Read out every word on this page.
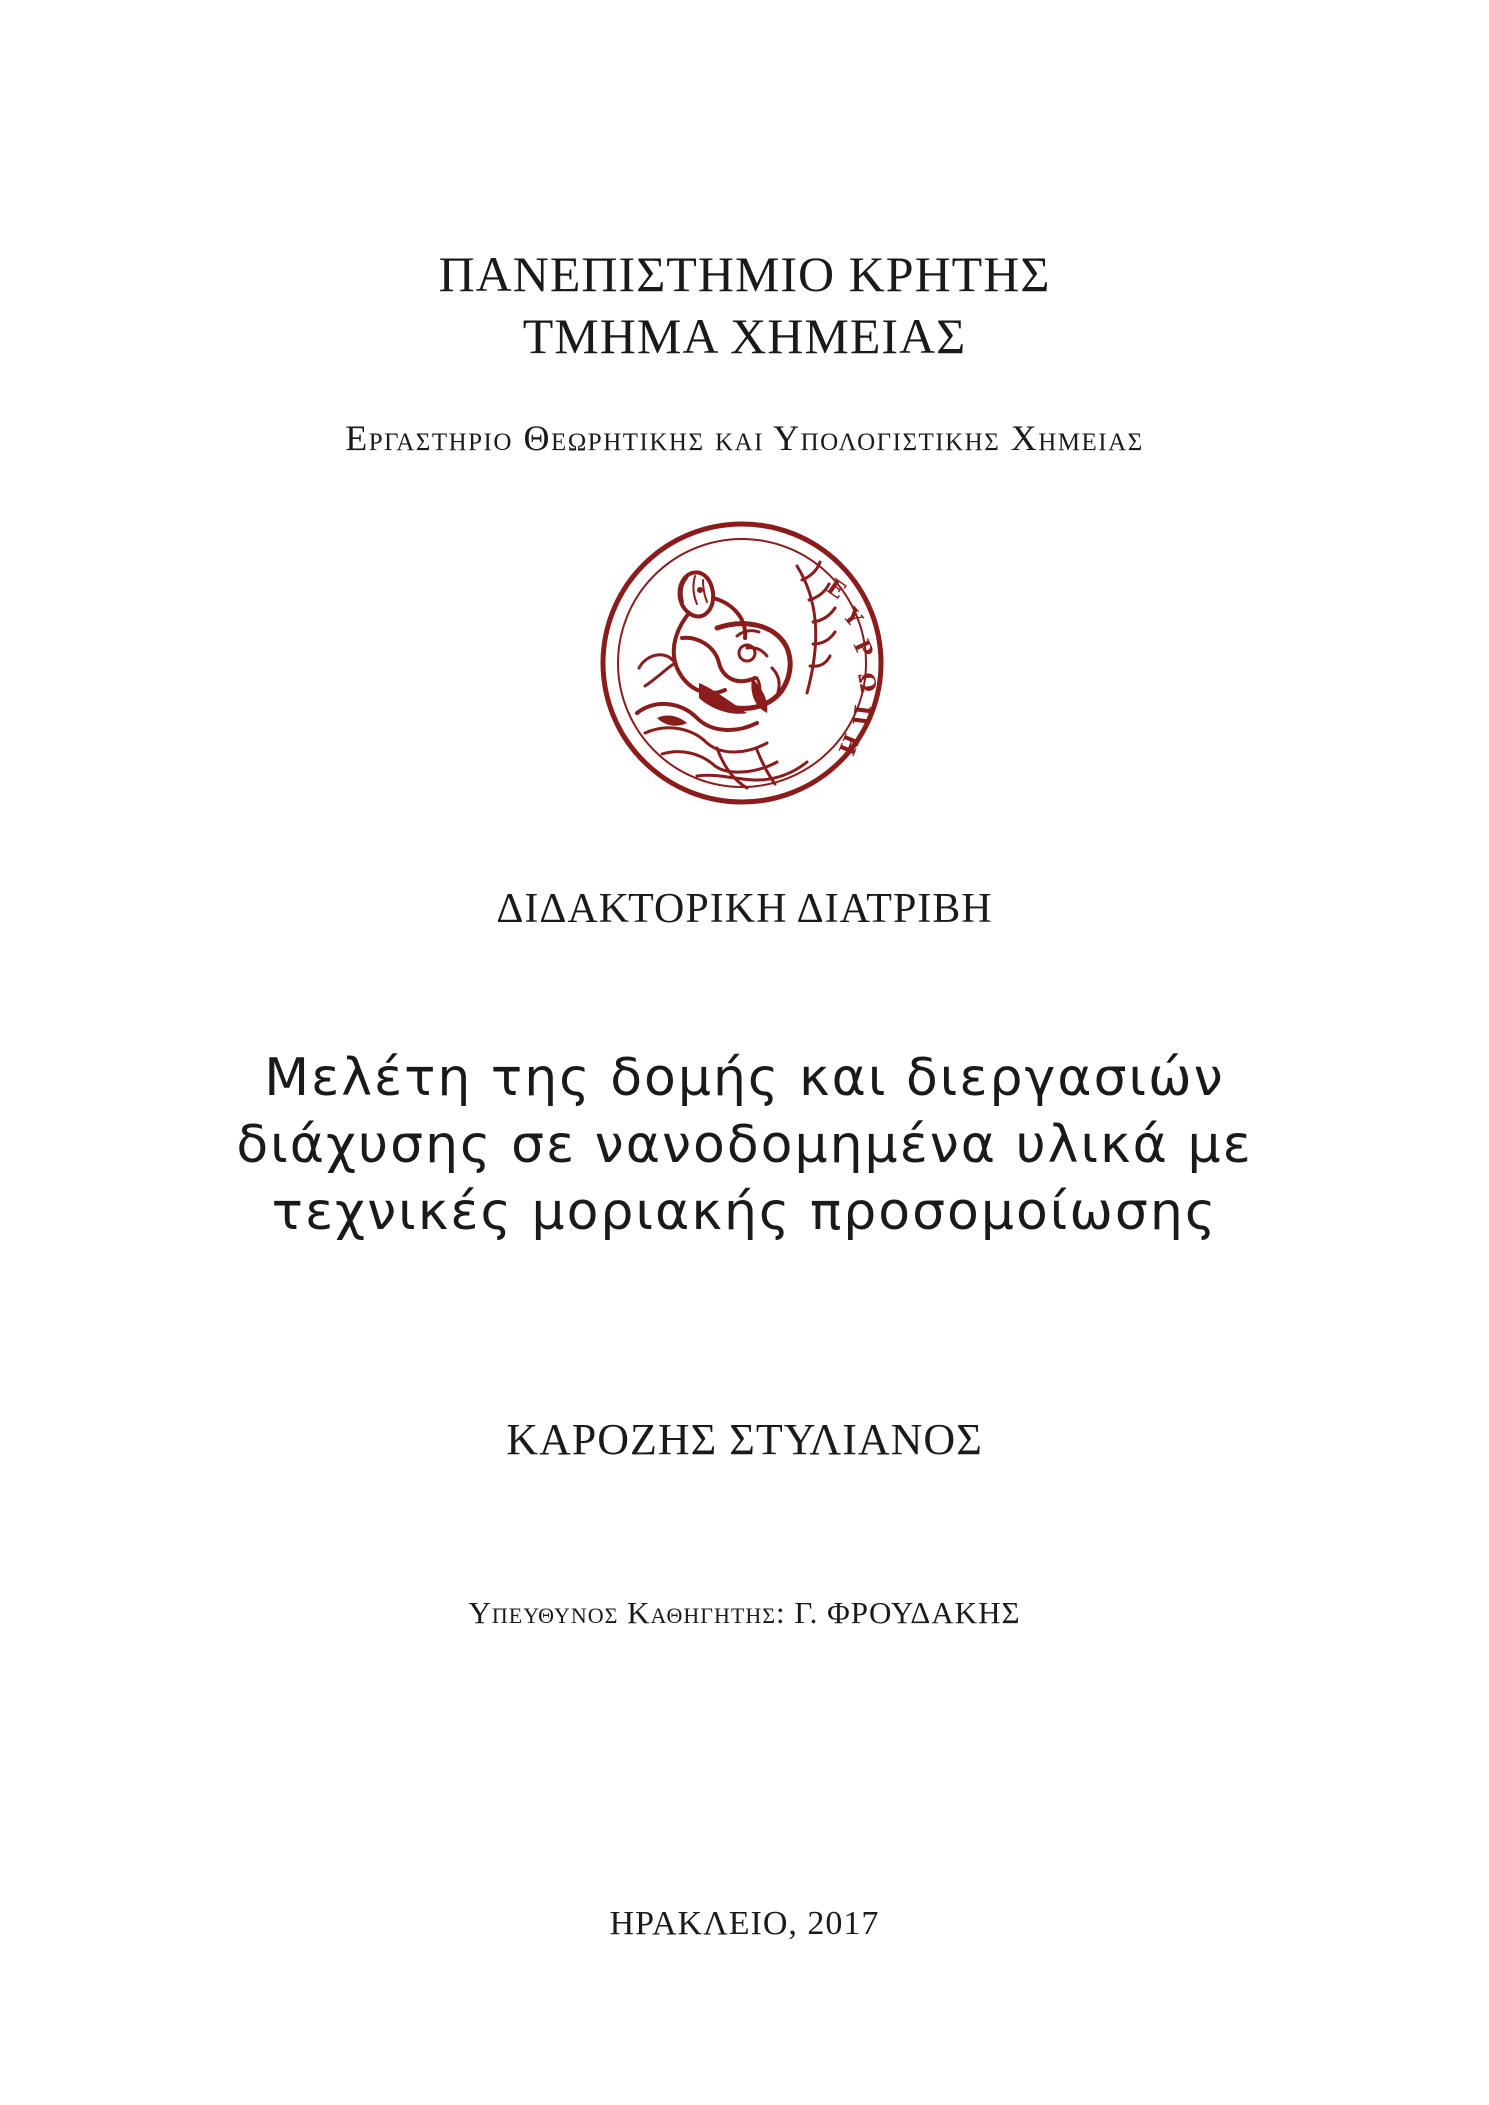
ΠΑΝΕΠΙΣΤΗΜΙΟ ΚΡΗΤΗΣ
ΤΜΗΜΑ ΧΗΜΕΙΑΣ
Εργαστηριο Θεωρητικης και Υπολογιστικης Χημειας
Ε
Υ
Ρ
Ω
Π
Η
ΔΙΔΑΚΤΟΡΙΚΗ ΔΙΑΤΡΙΒΗ
Μελέτη της δομής και διεργασιών
διάχυσης σε νανοδομημένα υλικά με
τεχνικές μοριακής προσομοίωσης
ΚΑΡΟΖΗΣ ΣΤΥΛΙΑΝΟΣ
Υπευθυνος Καθηγητης: Γ. ΦΡΟΥΔΑΚΗΣ
ΗΡΑΚΛΕΙΟ, 2017
